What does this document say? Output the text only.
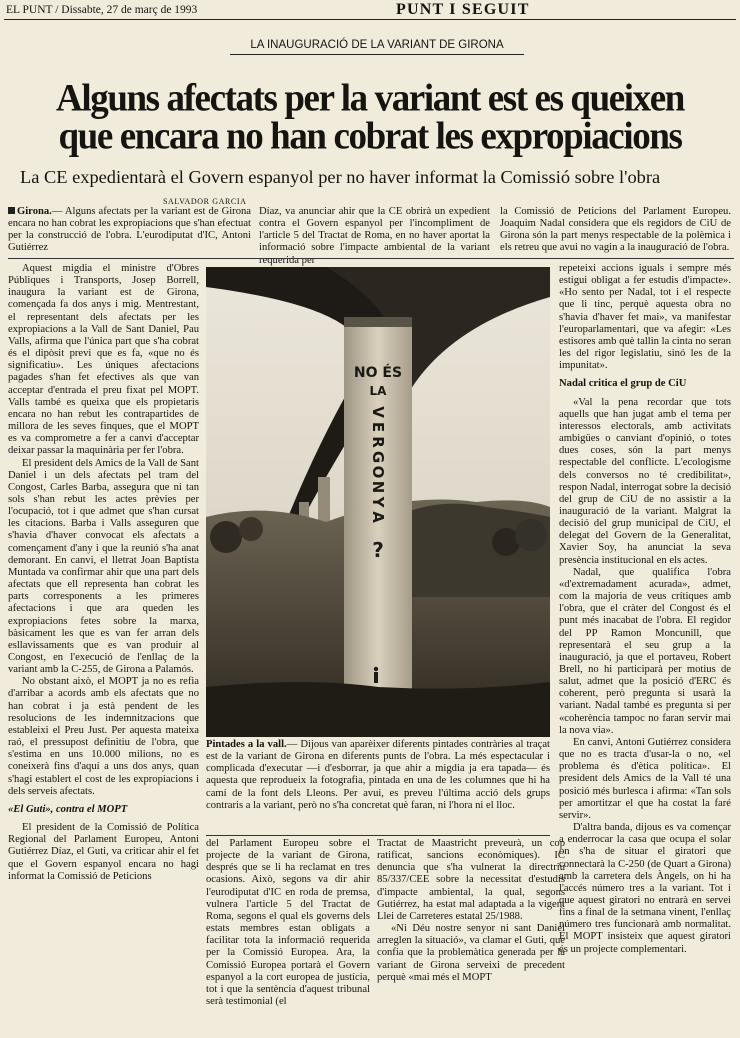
EL PUNT / Dissabte, 27 de març de 1993	PUNT I SEGUIT
LA INAUGURACIÓ DE LA VARIANT DE GIRONA
Alguns afectats per la variant est es queixen
que encara no han cobrat les expropiacions
La CE expedientarà el Govern espanyol per no haver informat la Comissió sobre l'obra
SALVADOR GARCIA

Girona.— Alguns afectats per la variant est de Girona encara no han cobrat les expropiacions que s'han efectuat per la construcció de l'obra. L'eurodiputat d'IC, Antoni Gutiérrez

Díaz, va anunciar ahir que la CE obrirà un expedient contra el Govern espanyol per l'incompliment de l'article 5 del Tractat de Roma, en no haver aportat la informació sobre l'impacte ambiental de la variant requerida per

la Comissió de Peticions del Parlament Europeu. Joaquim Nadal considera que els regidors de CiU de Girona són la part menys respectable de la polèmica i els retreu que avui no vagin a la inauguració de l'obra.

Aquest migdia el ministre d'Obres Públiques i Transports, Josep Borrell, inaugura la variant est de Girona, començada fa dos anys i mig. Mentrestant, el representant dels afectats per les expropiacions a la Vall de Sant Daniel, Pau Valls, afirma que l'única part que s'ha cobrat és el dipòsit previ que es fa, «que no és significatiu». Les úniques afectacions pagades s'han fet efectives als que van acceptar d'entrada el preu fixat pel MOPT. Valls també es queixa que els propietaris encara no han rebut les contrapartides de millora de les seves finques, que el MOPT es va comprometre a fer a canvi d'acceptar deixar passar la maquinària per fer l'obra.

El president dels Amics de la Vall de Sant Daniel i un dels afectats pel tram del Congost, Carles Barba, assegura que ni tan sols s'han rebut les actes prèvies per l'ocupació, tot i que admet que s'han cursat les citacions. Barba i Valls asseguren que s'havia d'haver convocat els afectats a començament d'any i que la reunió s'ha anat demorant. En canvi, el lletrat Joan Baptista Muntada va confirmar ahir que una part dels afectats que ell representa han cobrat les parts corresponents a les primeres afectacions i que ara queden les expropiacions fetes sobre la marxa, bàsicament les que es van fer arran dels esllavissaments que es van produir al Congost, en l'execució de l'enllaç de la variant amb la C-255, de Girona a Palamós.

No obstant això, el MOPT ja no es refia d'arribar a acords amb els afectats que no han cobrat i ja està pendent de les resolucions de les indemnitzacions que estableixi el Preu Just. Per aquesta mateixa raó, el pressupost definitiu de l'obra, que s'estima en uns 10.000 milions, no es coneixerà fins d'aquí a uns dos anys, quan s'hagi establert el cost de les expropiacions i dels serveis afectats.

«El Guti», contra el MOPT

El president de la Comissió de Política Regional del Parlament Europeu, Antoni Gutiérrez Díaz, el Guti, va criticar ahir el fet que el Govern espanyol encara no hagi informat la Comissió de Peticions

NO ÉS
LA
?
V
E
R
G
O
N
Y
A
Pintades a la vall.— Dijous van aparèixer diferents pintades contràries al traçat est de la variant de Girona en diferents punts de l'obra. La més espectacular i complicada d'executar —i d'esborrar, ja que ahir a migdia ja era tapada— és aquesta que reprodueix la fotografia, pintada en una de les columnes que hi ha camí de la font dels Lleons. Per avui, es preveu l'última acció dels grups contraris a la variant, però no s'ha concretat què faran, ni l'hora ni el lloc.

del Parlament Europeu sobre el projecte de la variant de Girona, després que se li ha reclamat en tres ocasions. Això, segons va dir ahir l'eurodiputat d'IC en roda de premsa, vulnera l'article 5 del Tractat de Roma, segons el qual els governs dels estats membres estan obligats a facilitar tota la informació requerida per la Comissió Europea. Ara, la Comissió Europea portarà el Govern espanyol a la cort europea de justícia, tot i que la sentència d'aquest tribunal serà testimonial (el

Tractat de Maastricht preveurà, un cop ratificat, sancions econòmiques). IC denuncia que s'ha vulnerat la directriu 85/337/CEE sobre la necessitat d'estudis d'impacte ambiental, la qual, segons Gutiérrez, ha estat mal adaptada a la vigent Llei de Carreteres estatal 25/1988.

«Ni Déu nostre senyor ni sant Daniel arreglen la situació», va clamar el Guti, que confia que la problemàtica generada per la variant de Girona serveixi de precedent perquè «mai més el MOPT

repeteixi accions iguals i sempre més estigui obligat a fer estudis d'impacte». «Ho sento per Nadal, tot i el respecte que li tinc, perquè aquesta obra no s'havia d'haver fet mai», va manifestar l'europarlamentari, que va afegir: «Les estisores amb què tallin la cinta no seran les del rigor legislatiu, sinó les de la impunitat».

Nadal critica el grup de CiU

«Val la pena recordar que tots aquells que han jugat amb el tema per interessos electorals, amb activitats ambigües o canviant d'opinió, o totes dues coses, són la part menys respectable del conflicte. L'ecologisme dels conversos no té credibilitat», respon Nadal, interrogat sobre la decisió del grup de CiU de no assistir a la inauguració de la variant. Malgrat la decisió del grup municipal de CiU, el delegat del Govern de la Generalitat, Xavier Soy, ha anunciat la seva presència institucional en els actes.

Nadal, que qualifica l'obra «d'extremadament acurada», admet, com la majoria de veus crítiques amb l'obra, que el cràter del Congost és el punt més inacabat de l'obra. El regidor del PP Ramon Moncunill, que representarà el seu grup a la inauguració, ja que el portaveu, Robert Brell, no hi participarà per motius de salut, admet que la posició d'ERC és coherent, però pregunta si usarà la variant. Nadal també es pregunta si per «coherència tampoc no faran servir mai la nova via».

En canvi, Antoni Gutiérrez considera que no es tracta d'usar-la o no, «el problema és d'ètica política». El president dels Amics de la Vall té una posició més burlesca i afirma: «Tan sols per amortitzar el que ha costat la faré servir».

D'altra banda, dijous es va començar a enderrocar la casa que ocupa el solar on s'ha de situar el giratori que connectarà la C-250 (de Quart a Girona) amb la carretera dels Àngels, on hi ha l'accés número tres a la variant. Tot i que aquest giratori no entrarà en servei fins a final de la setmana vinent, l'enllaç número tres funcionarà amb normalitat. El MOPT insisteix que aquest giratori és un projecte complementari.
